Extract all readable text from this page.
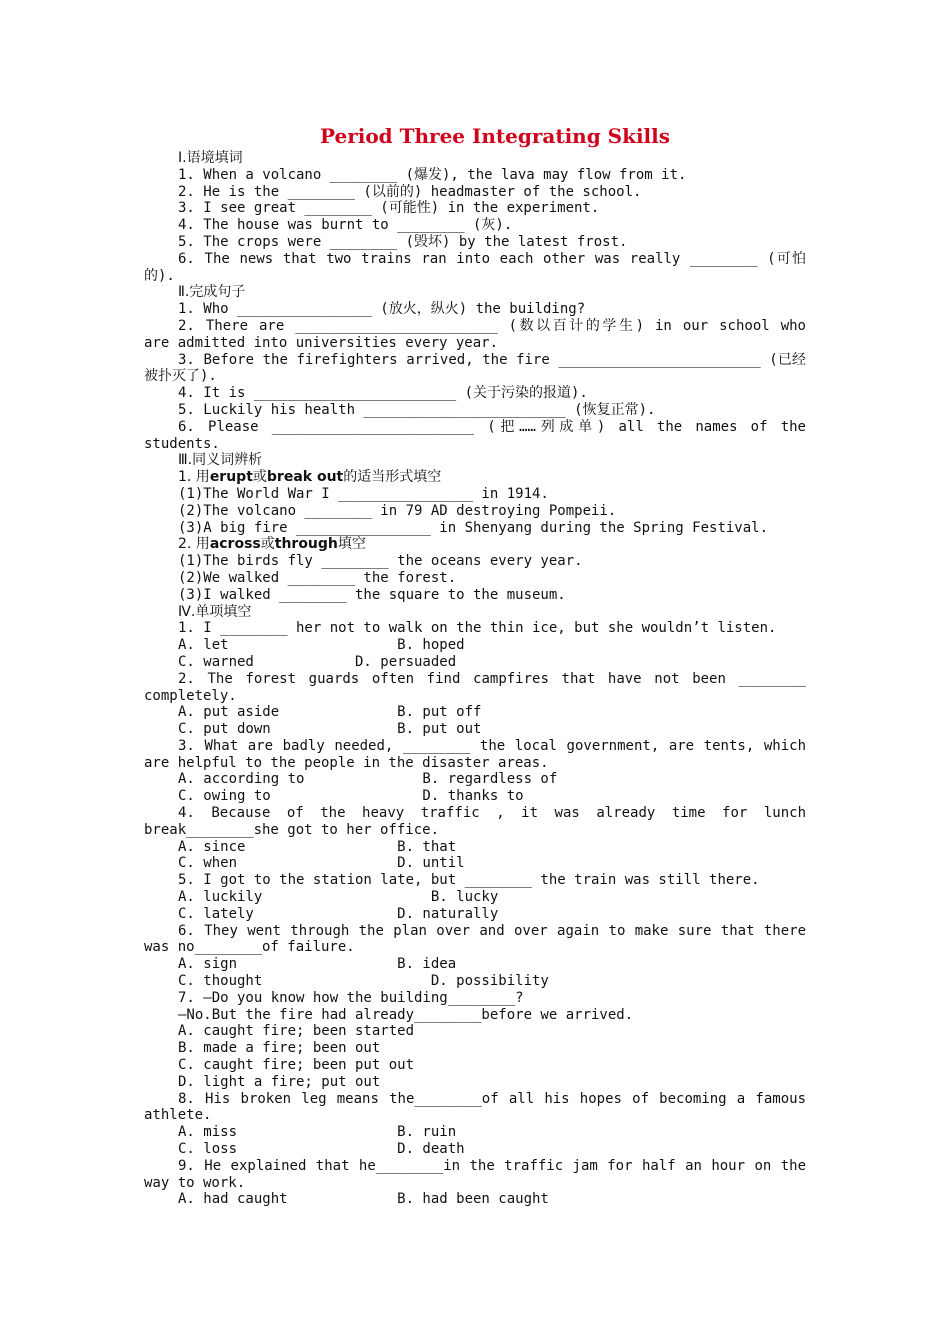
Period Three Integrating Skills
Ⅰ.语境填词
1. When a volcano ________ (爆发), the lava may flow from it.
2. He is the ________ (以前的) headmaster of the school.
3. I see great ________ (可能性) in the experiment.
4. The house was burnt to ________ (灰).
5. The crops were ________ (毁坏) by the latest frost.
6. The news that two trains ran into each other was really ________ (可怕
的).
Ⅱ.完成句子
1. Who ________________ (放火，纵火) the building?
2. There are ________________________ (数以百计的学生) in our school who
are admitted into universities every year.
3. Before the firefighters arrived, the fire ________________________ (已经
被扑灭了).
4. It is ________________________ (关于污染的报道).
5. Luckily his health ________________________ (恢复正常).
6. Please ________________________ (把……列成单) all the names of the
students.
Ⅲ.同义词辨析
1. 用erupt或break out的适当形式填空
(1)The World War I ________________ in 1914.
(2)The volcano ________ in 79 AD destroying Pompeii.
(3)A big fire ________________ in Shenyang during the Spring Festival.
2. 用across或through填空
(1)The birds fly ________ the oceans every year.
(2)We walked ________ the forest.
(3)I walked ________ the square to the museum.
Ⅳ.单项填空
1. I ________ her not to walk on the thin ice, but she wouldn’t listen.
A. let                    B. hoped
C. warned            D. persuaded
2. The forest guards often find campfires that have not been ________
completely.
A. put aside              B. put off
C. put down               B. put out
3. What are badly needed, ________ the local government, are tents, which
are helpful to the people in the disaster areas.
A. according to              B. regardless of
C. owing to                  D. thanks to
4. Because of the heavy traffic , it was already time for lunch
break________she got to her office.
A. since                  B. that
C. when                   D. until
5. I got to the station late, but ________ the train was still there.
A. luckily                    B. lucky
C. lately                 D. naturally
6. They went through the plan over and over again to make sure that there
was no________of failure.
A. sign                   B. idea
C. thought                    D. possibility
7. —Do you know how the building________?
—No.But the fire had already________before we arrived.
A. caught fire; been started
B. made a fire; been out
C. caught fire; been put out
D. light a fire; put out
8. His broken leg means the________of all his hopes of becoming a famous
athlete.
A. miss                   B. ruin
C. loss                   D. death
9. He explained that he________in the traffic jam for half an hour on the
way to work.
A. had caught             B. had been caught
